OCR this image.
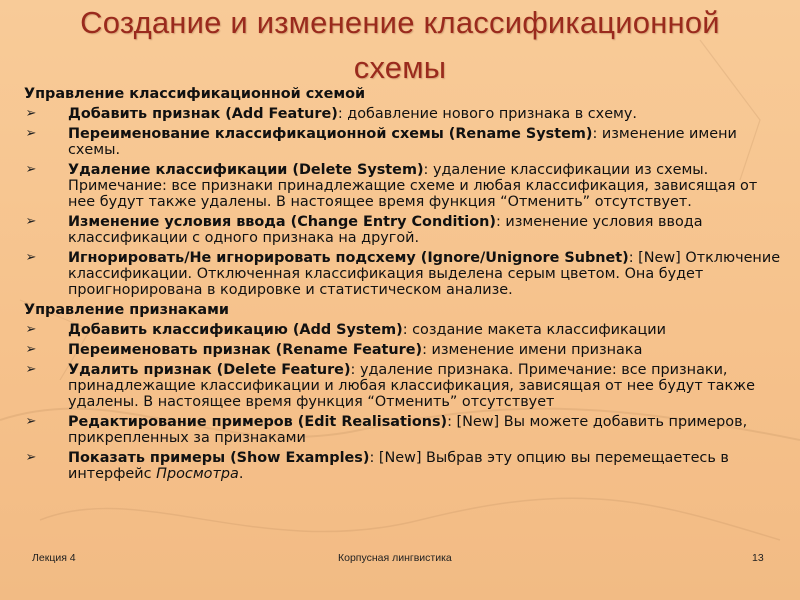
Создание и изменение классификационной
схемы
Управление классификационной схемой
➢ Добавить признак (Add Feature): добавление нового признака в схему.
➢ Переименование классификационной схемы (Rename System): изменение имени схемы.
➢ Удаление классификации (Delete System): удаление классификации из схемы. Примечание: все признаки принадлежащие схеме и любая классификация, зависящая от нее будут также удалены. В настоящее время функция “Отменить” отсутствует.
➢ Изменение условия ввода (Change Entry Condition): изменение условия ввода классификации с одного признака на другой.
➢ Игнорировать/Не игнорировать подсхему (Ignore/Unignore Subnet): [New] Отключение классификации. Отключенная классификация выделена серым цветом. Она будет проигнорирована в кодировке и статистическом анализе.
Управление признаками
➢ Добавить классификацию (Add System): создание макета классификации
➢ Переименовать признак (Rename Feature): изменение имени признака
➢ Удалить признак (Delete Feature): удаление признака. Примечание: все признаки, принадлежащие классификации и любая классификация, зависящая от нее будут также удалены. В настоящее время функция “Отменить” отсутствует
➢ Редактирование примеров (Edit Realisations): [New] Вы можете добавить примеров, прикрепленных за признаками
➢ Показать примеры (Show Examples): [New] Выбрав эту опцию вы перемещаетесь в интерфейс Просмотра.
Лекция 4	Корпусная лингвистика	13
